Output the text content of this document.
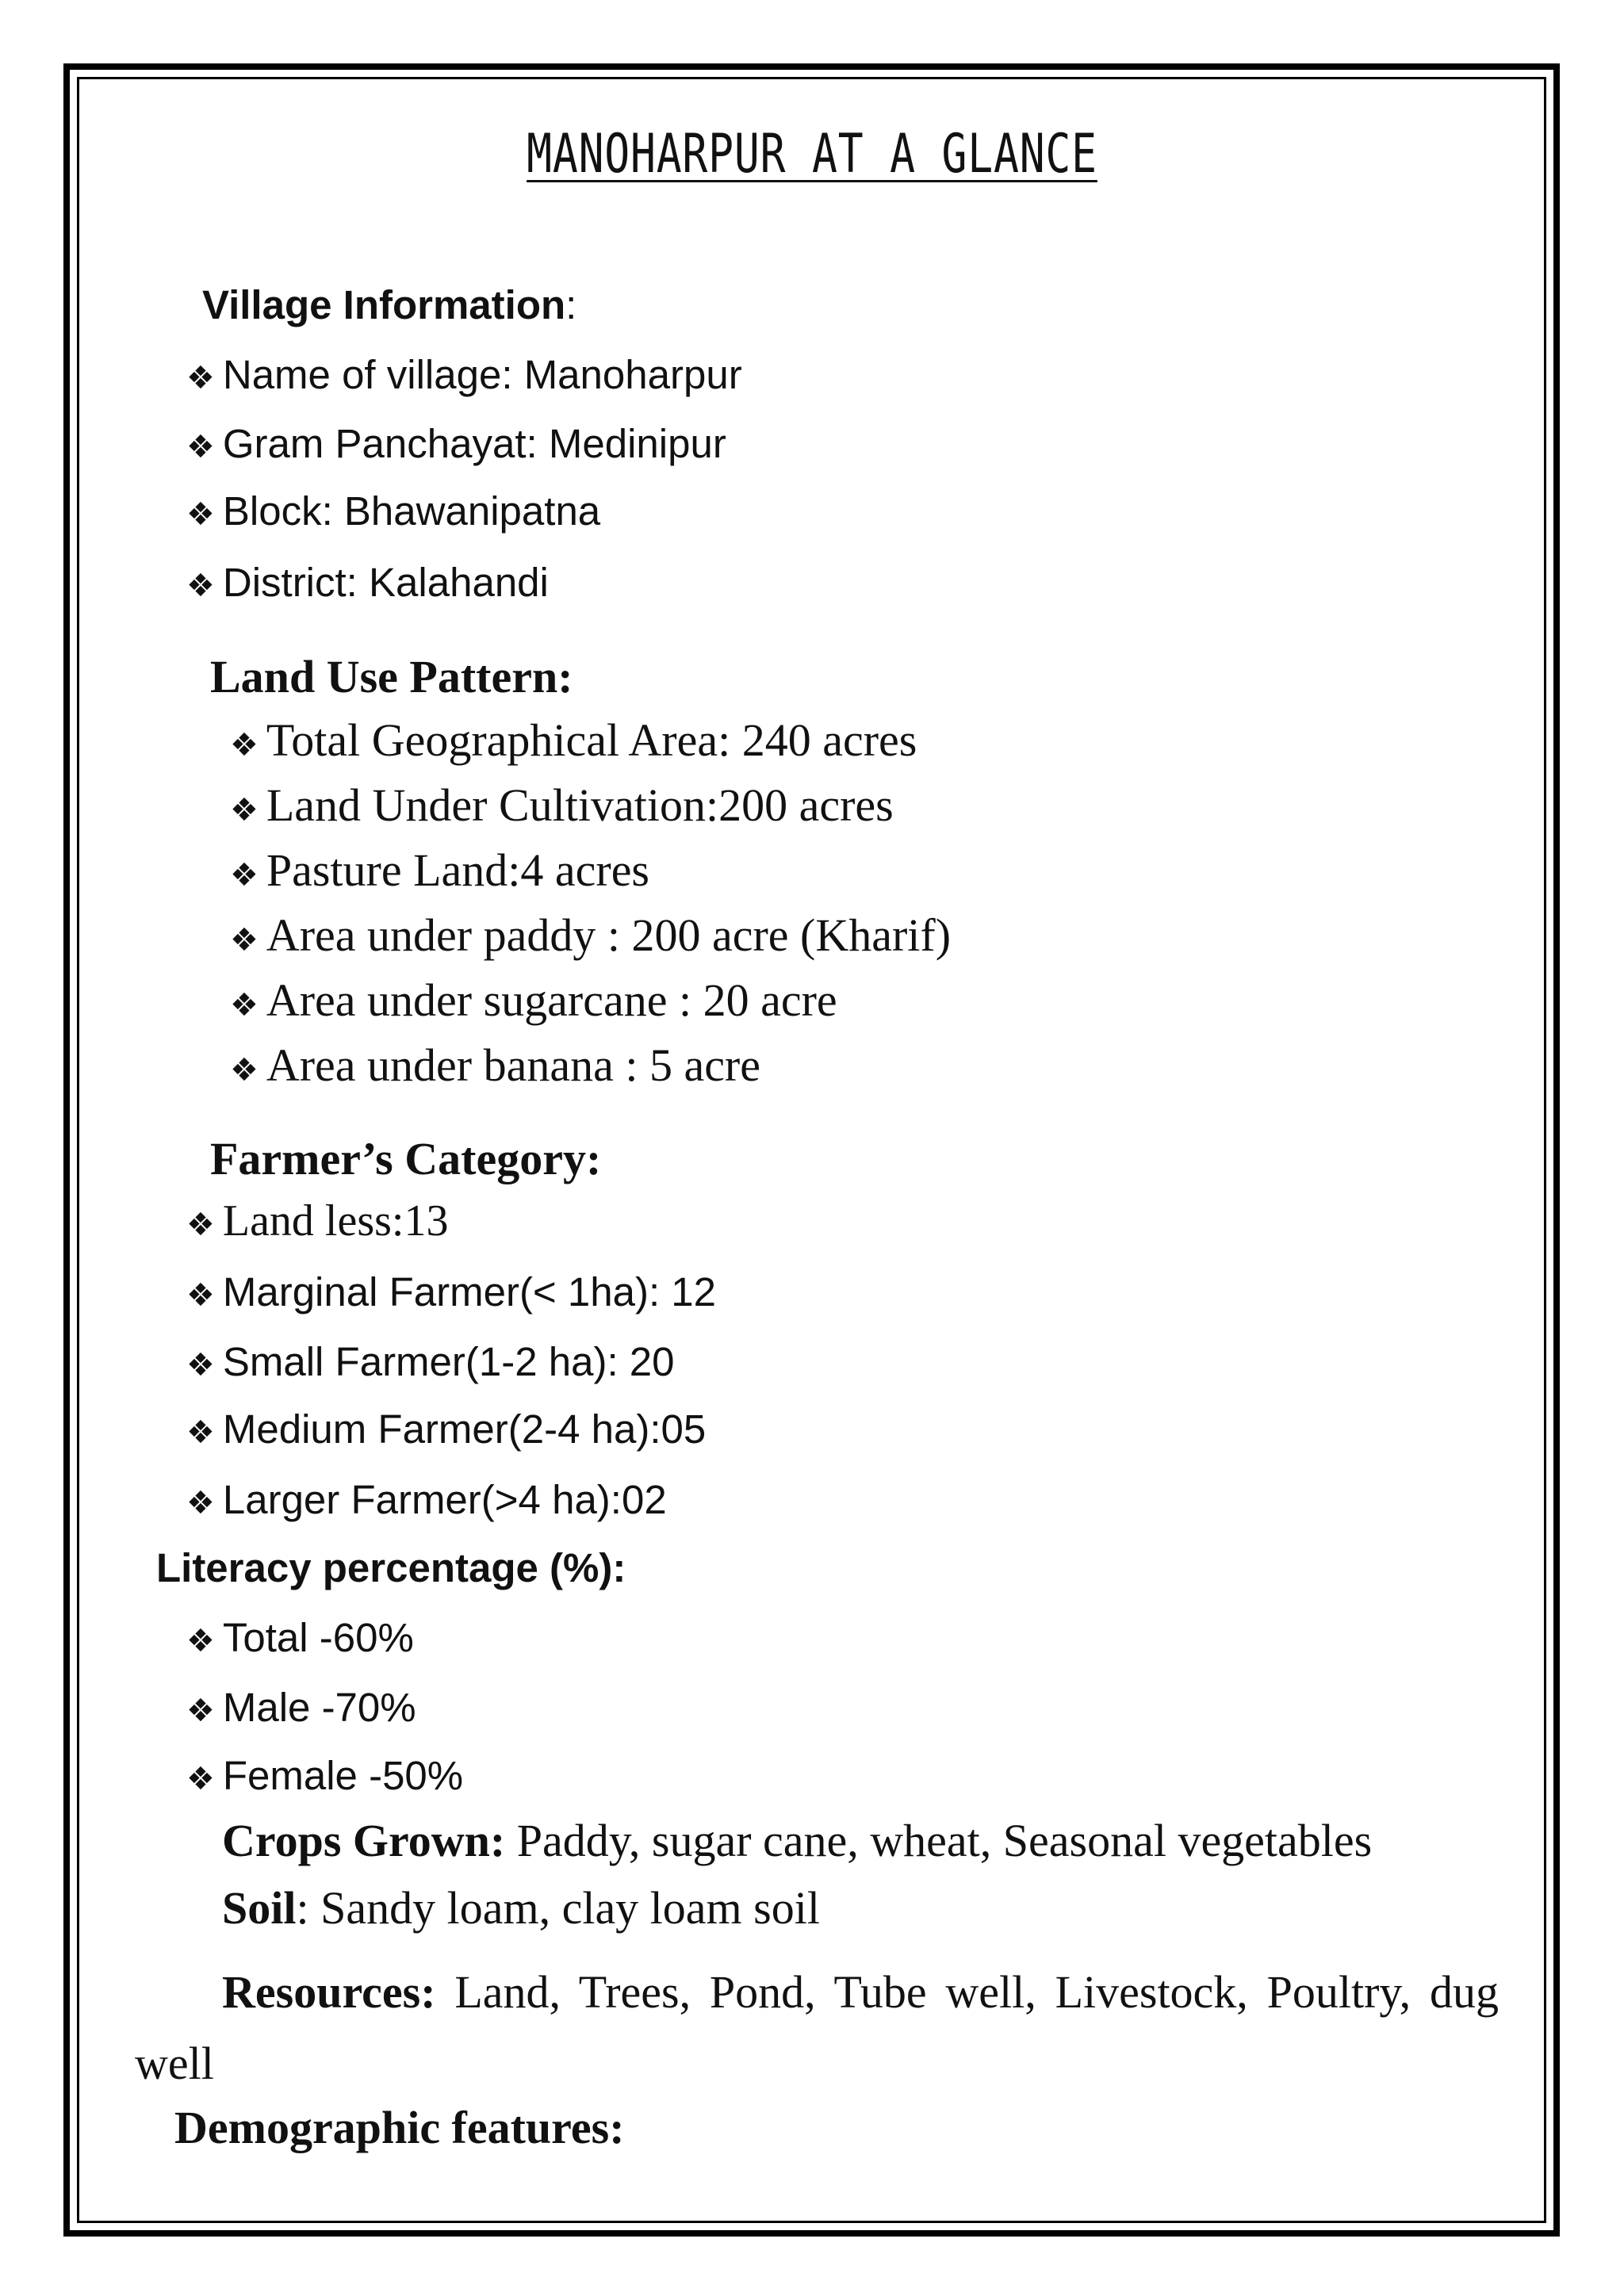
MANOHARPUR AT A GLANCE
Village Information:
❖ Name of village: Manoharpur
❖ Gram Panchayat: Medinipur
❖ Block: Bhawanipatna
❖ District: Kalahandi
Land Use Pattern:
❖ Total Geographical Area: 240 acres
❖ Land Under Cultivation:200 acres
❖ Pasture Land:4 acres
❖ Area under paddy : 200 acre (Kharif)
❖ Area under sugarcane : 20 acre
❖ Area under banana : 5 acre
Farmer’s Category:
❖ Land less:13
❖ Marginal Farmer(< 1ha): 12
❖ Small Farmer(1-2 ha): 20
❖ Medium Farmer(2-4 ha):05
❖ Larger Farmer(>4 ha):02
Literacy percentage (%):
❖ Total -60%
❖ Male -70%
❖ Female -50%
Crops Grown: Paddy, sugar cane, wheat, Seasonal vegetables
Soil: Sandy loam, clay loam soil
Resources: Land, Trees, Pond, Tube well, Livestock, Poultry, dug well
Demographic features:
